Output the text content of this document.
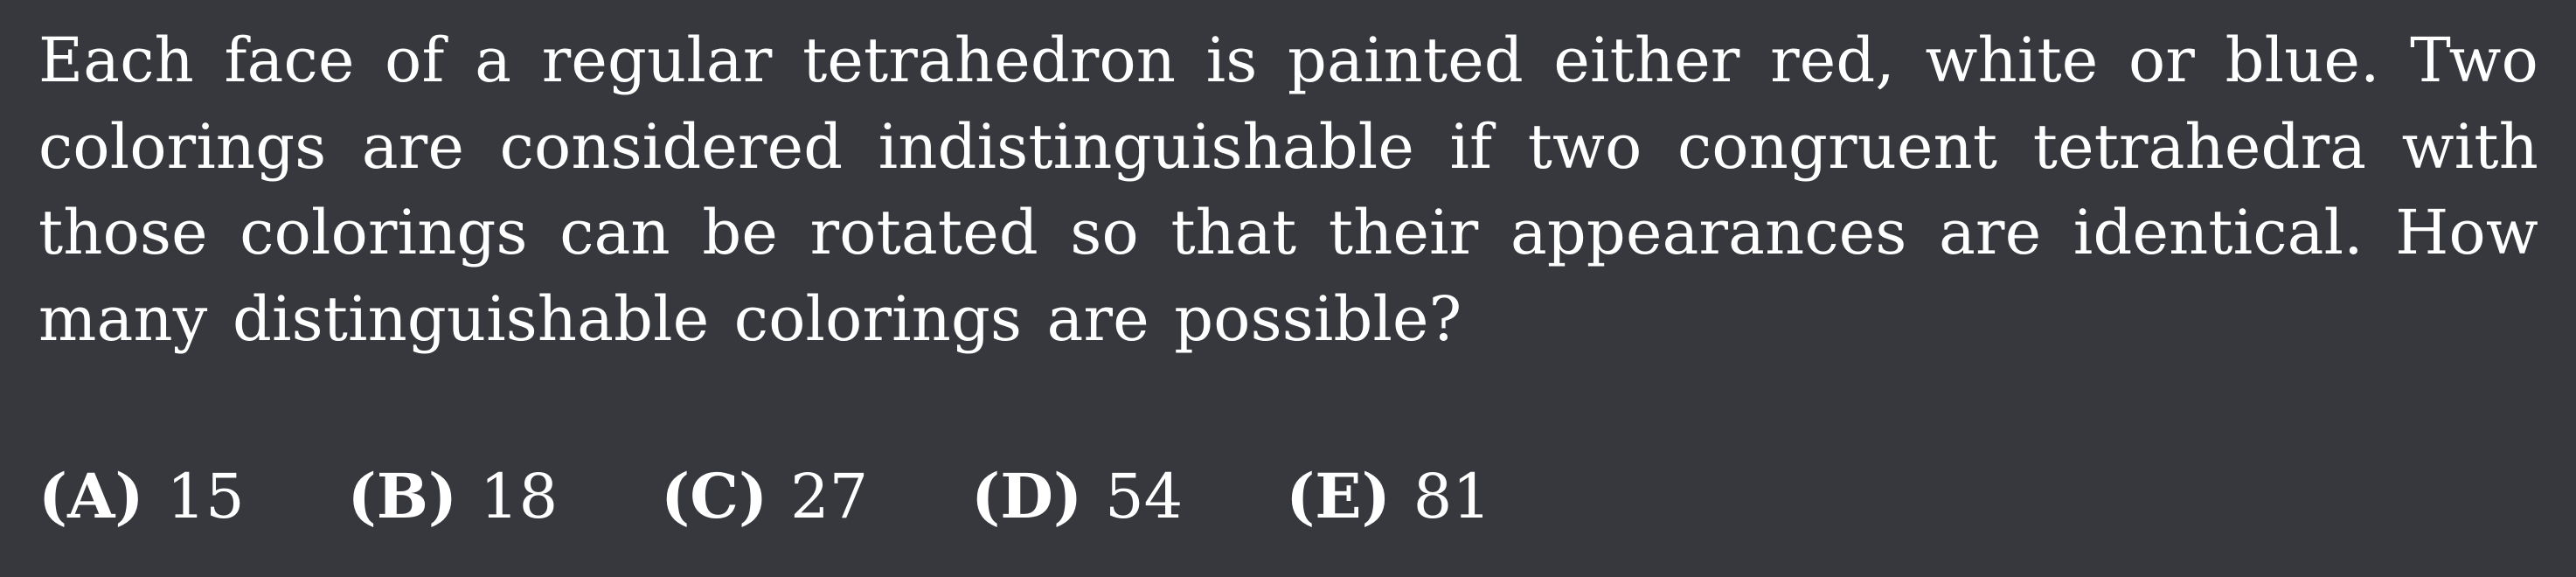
Each face of a regular tetrahedron is painted either red, white or blue. Two colorings are considered indistinguishable if two congruent tetrahedra with those colorings can be rotated so that their appearances are identical. How many distinguishable colorings are possible?

(A) 15 (B) 18 (C) 27 (D) 54 (E) 81
